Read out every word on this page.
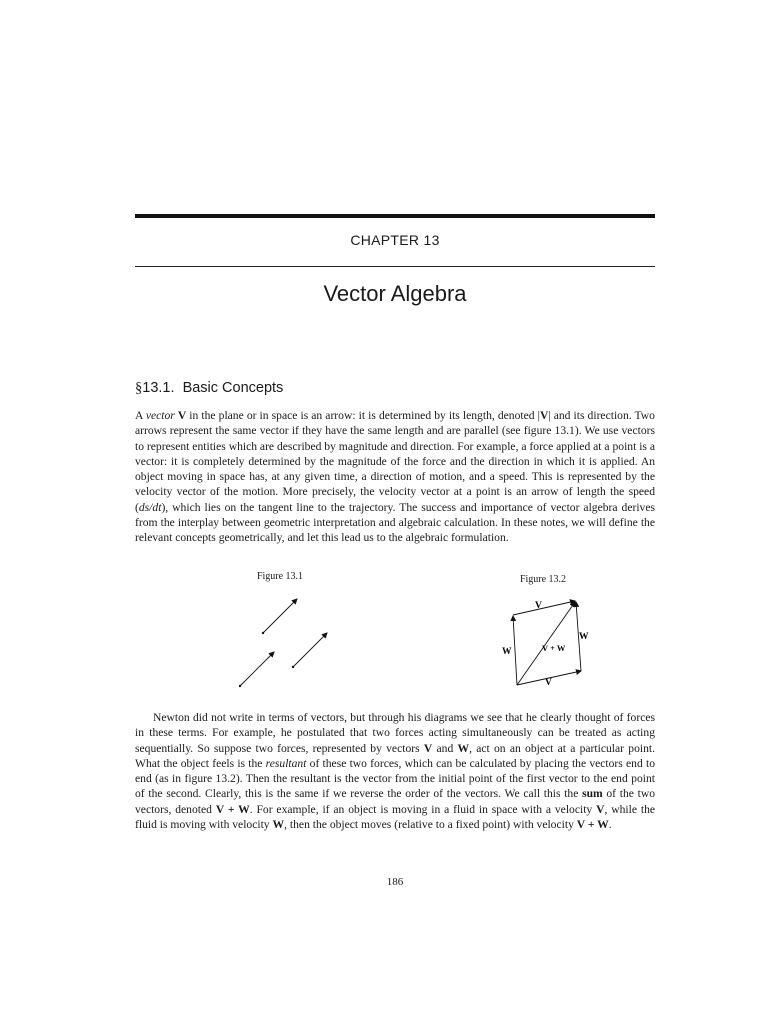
CHAPTER 13
Vector Algebra
§13.1. Basic Concepts
A vector V in the plane or in space is an arrow: it is determined by its length, denoted |V| and its direction. Two arrows represent the same vector if they have the same length and are parallel (see figure 13.1). We use vectors to represent entities which are described by magnitude and direction. For example, a force applied at a point is a vector: it is completely determined by the magnitude of the force and the direction in which it is applied. An object moving in space has, at any given time, a direction of motion, and a speed. This is represented by the velocity vector of the motion. More precisely, the velocity vector at a point is an arrow of length the speed (ds/dt), which lies on the tangent line to the trajectory. The success and importance of vector algebra derives from the interplay between geometric interpretation and algebraic calculation. In these notes, we will define the relevant concepts geometrically, and let this lead us to the algebraic formulation.
Figure 13.1	Figure 13.2
V
W
W
V + W
V
Newton did not write in terms of vectors, but through his diagrams we see that he clearly thought of forces in these terms. For example, he postulated that two forces acting simultaneously can be treated as acting sequentially. So suppose two forces, represented by vectors V and W, act on an object at a particular point. What the object feels is the resultant of these two forces, which can be calculated by placing the vectors end to end (as in figure 13.2). Then the resultant is the vector from the initial point of the first vector to the end point of the second. Clearly, this is the same if we reverse the order of the vectors. We call this the sum of the two vectors, denoted V + W. For example, if an object is moving in a fluid in space with a velocity V, while the fluid is moving with velocity W, then the object moves (relative to a fixed point) with velocity V + W.
186
